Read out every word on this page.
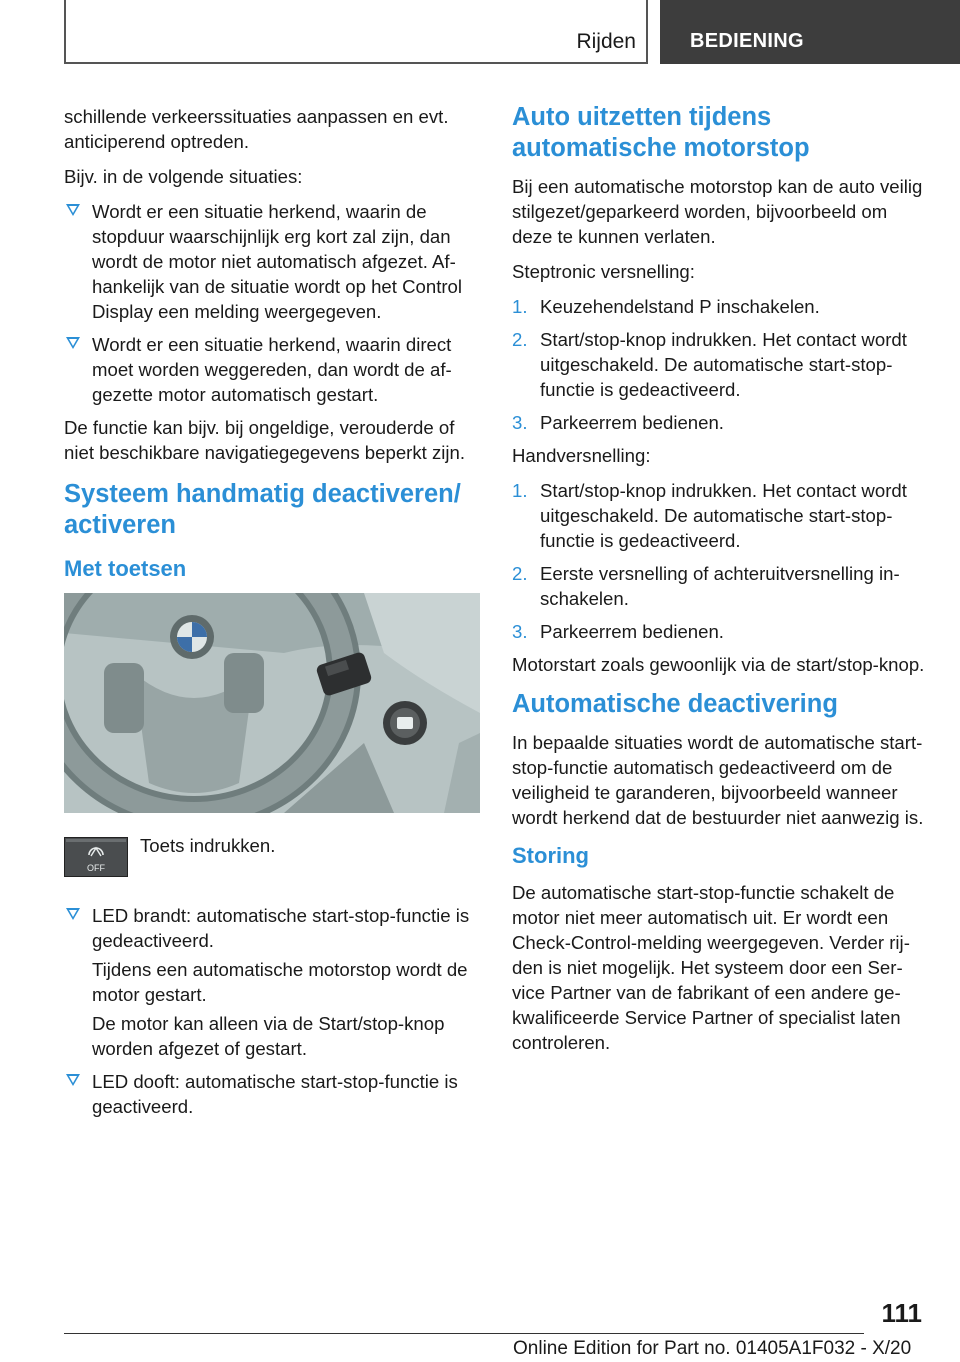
Rijden	BEDIENING

schillende verkeerssituaties aanpassen en evt. anticiperend optreden.

Bijv. in de volgende situaties:

Wordt er een situatie herkend, waarin de stopduur waarschijnlijk erg kort zal zijn, dan wordt de motor niet automatisch afgezet. Afhankelijk van de situatie wordt op het Control Display een melding weergegeven.
Wordt er een situatie herkend, waarin direct moet worden weggereden, dan wordt de afgezette motor automatisch gestart.

De functie kan bijv. bij ongeldige, verouderde of niet beschikbare navigatiegegevens beperkt zijn.

Systeem handmatig deactiveren/ activeren
Met toetsen
OFF
Toets indrukken.
LED brandt: automatische start-stop-functie is gedeactiveerd.

Tijdens een automatische motorstop wordt de motor gestart.

De motor kan alleen via de Start/stop-knop worden afgezet of gestart.

LED dooft: automatische start-stop-functie is geactiveerd.
Auto uitzetten tijdens automatische motorstop

Bij een automatische motorstop kan de auto veilig stilgezet/geparkeerd worden, bijvoorbeeld om deze te kunnen verlaten.

Steptronic versnelling:

1. Keuzehendelstand P inschakelen.
2. Start/stop-knop indrukken. Het contact wordt uitgeschakeld. De automatische start-stop-functie is gedeactiveerd.
3. Parkeerrem bedienen.

Handversnelling:

1. Start/stop-knop indrukken. Het contact wordt uitgeschakeld. De automatische start-stop-functie is gedeactiveerd.
2. Eerste versnelling of achteruitversnelling inschakelen.
3. Parkeerrem bedienen.

Motorstart zoals gewoonlijk via de start/stop-knop.

Automatische deactivering

In bepaalde situaties wordt de automatische start-stop-functie automatisch gedeactiveerd om de veiligheid te garanderen, bijvoorbeeld wanneer wordt herkend dat de bestuurder niet aanwezig is.

Storing

De automatische start-stop-functie schakelt de motor niet meer automatisch uit. Er wordt een Check-Control-melding weergegeven. Verder rijden is niet mogelijk. Het systeem door een Service Partner van de fabrikant of een andere gekwalificeerde Service Partner of specialist laten controleren.

111
Online Edition for Part no. 01405A1F032 - X/20
